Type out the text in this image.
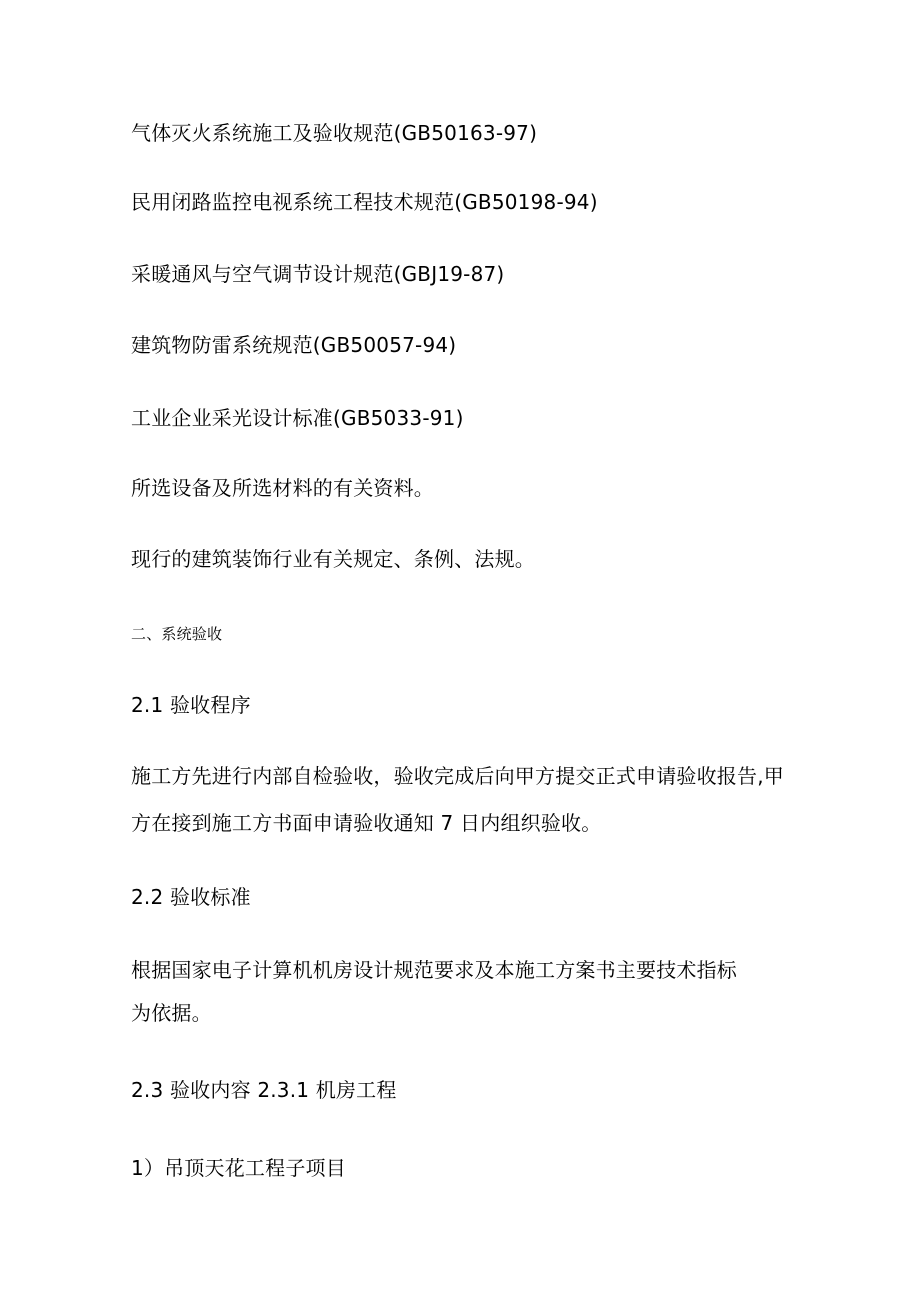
气体灭火系统施工及验收规范(GB50163-97)
民用闭路监控电视系统工程技术规范(GB50198-94)
采暖通风与空气调节设计规范(GBJ19-87)
建筑物防雷系统规范(GB50057-94)
工业企业采光设计标准(GB5033-91)
所选设备及所选材料的有关资料。
现行的建筑装饰行业有关规定、条例、法规。
二、系统验收
2.1 验收程序
施工方先进行内部自检验收，验收完成后向甲方提交正式申请验收报告,甲
方在接到施工方书面申请验收通知 7 日内组织验收。
2.2 验收标准
根据国家电子计算机机房设计规范要求及本施工方案书主要技术指标
为依据。
2.3 验收内容 2.3.1 机房工程
1）吊顶天花工程子项目
